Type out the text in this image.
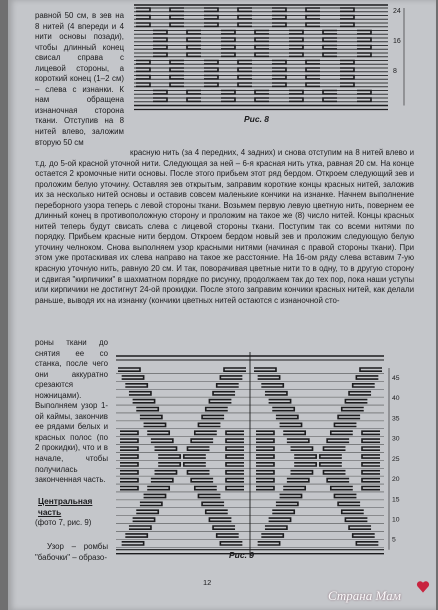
равной 50 см, в зев на 8 нитей (4 впереди и 4 нити основы позади), чтобы длинный конец свисал справа с лицевой стороны, а короткий конец (1–2 см) – слева с изнанки. К нам обращена изнаночная сторона ткани. Отступив на 8 нитей влево, заложим вторую 50 см

24
16
8

Рис. 8

красную нить (за 4 передних, 4 задних) и снова отступим на 8 нитей влево и т.д. до 5-ой красной уточной нити. Следующая за ней – 6-я красная нить утка, равная 20 см. На конце остается 2 кромочные нити основы. После этого прибьем этот ряд бердом. Откроем следующий зев и проложим белую уточину. Оставляя зев открытым, заправим короткие концы красных нитей, заложив их за несколько нитей основы и оставив совсем маленькие кончики на изнанке. Начнем выполнение переборного узора теперь с левой стороны ткани. Возьмем первую левую цветную нить, повернем ее длинный конец в противоположную сторону и проложим на такое же (8) число нитей. Концы красных нитей теперь будут свисать слева с лицевой стороны ткани. Поступим так со всеми нитями по порядку. Прибьем красные нити бердом. Откроем бердом новый зев и проложим следующую белую уточину челноком. Снова выполняем узор красными нитями (начиная с правой стороны ткани). При этом уже протаскивая их слева направо на такое же расстояние. На 16-ом ряду слева вставим 7-ую красную уточную нить, равную 20 см. И так, поворачивая цветные нити то в одну, то в другую сторону и сдвигая "кирпичики" в шахматном порядке по рисунку, продолжаем так до тех пор, пока наши уступы или кирпичики не достигнут 24-ой прокидки. После этого заправим кончики красных нитей, как делали раньше, выводя их на изнанку (кончики цветных нитей остаются с изнаночной сто-

роны ткани до снятия ее со станка, после чего они аккуратно срезаются ножницами). Выполняем узор 1-ой каймы, закончив ее рядами белых и красных полос (по 2 прокидки), что и в начале, чтобы получилась законченная часть.

Центральная часть

(фото 7, рис. 9)

Узор – ромбы "бабочки" – образо-

45
40
35
30
25
20
15
10
5

Рис. 9

12

Страна Мам
